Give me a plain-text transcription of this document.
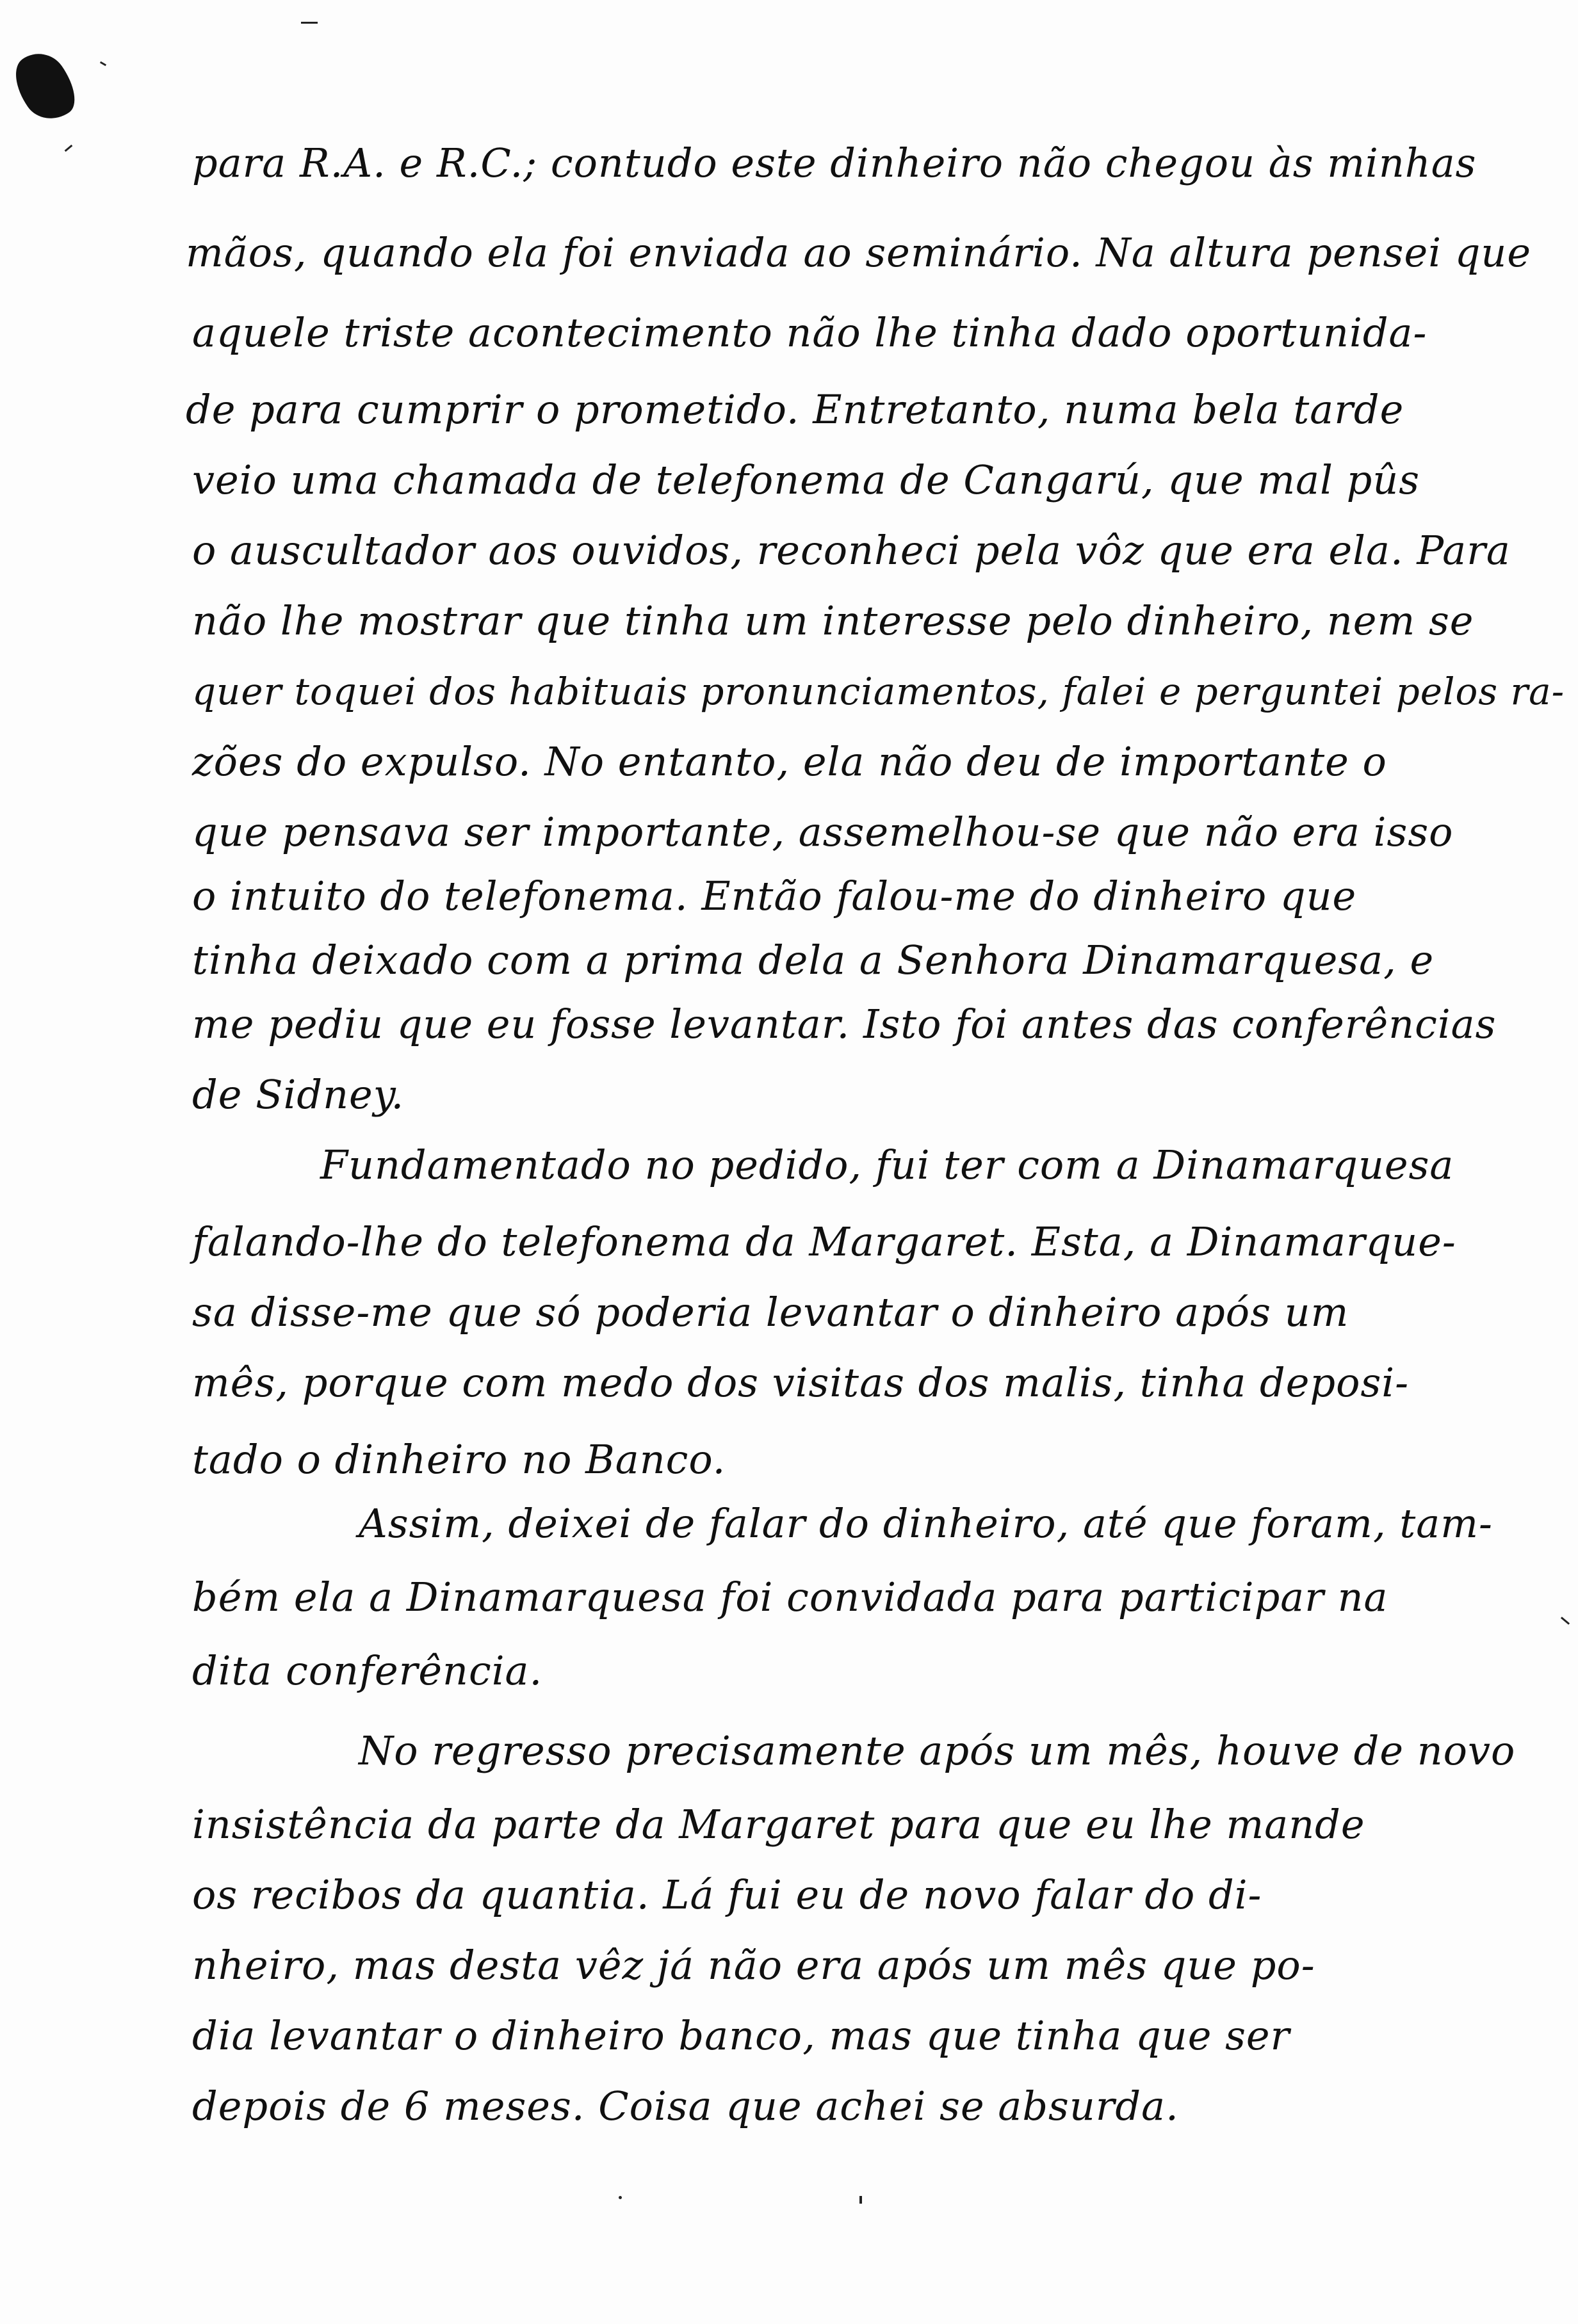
para R.A. e R.C.; contudo este dinheiro não chegou às minhas
mãos, quando ela foi enviada ao seminário. Na altura pensei que
aquele triste acontecimento não lhe tinha dado oportunida-
de para cumprir o prometido. Entretanto, numa bela tarde
veio uma chamada de telefonema de Cangarú, que mal pûs
o auscultador aos ouvidos, reconheci pela vôz que era ela. Para
não lhe mostrar que tinha um interesse pelo dinheiro, nem se
quer toquei dos habituais pronunciamentos, falei e perguntei pelos ra-
zões do expulso. No entanto, ela não deu de importante o
que pensava ser importante, assemelhou-se que não era isso
o intuito do telefonema. Então falou-me do dinheiro que
tinha deixado com a prima dela a Senhora Dinamarquesa, e
me pediu que eu fosse levantar. Isto foi antes das conferências
de Sidney.
Fundamentado no pedido, fui ter com a Dinamarquesa
falando-lhe do telefonema da Margaret. Esta, a Dinamarque-
sa disse-me que só poderia levantar o dinheiro após um
mês, porque com medo dos visitas dos malis, tinha deposi-
tado o dinheiro no Banco.
Assim, deixei de falar do dinheiro, até que foram, tam-
bém ela a Dinamarquesa foi convidada para participar na
dita conferência.
No regresso precisamente após um mês, houve de novo
insistência da parte da Margaret para que eu lhe mande
os recibos da quantia. Lá fui eu de novo falar do di-
nheiro, mas desta vêz já não era após um mês que po-
dia levantar o dinheiro banco, mas que tinha que ser
depois de 6 meses. Coisa que achei se absurda.
